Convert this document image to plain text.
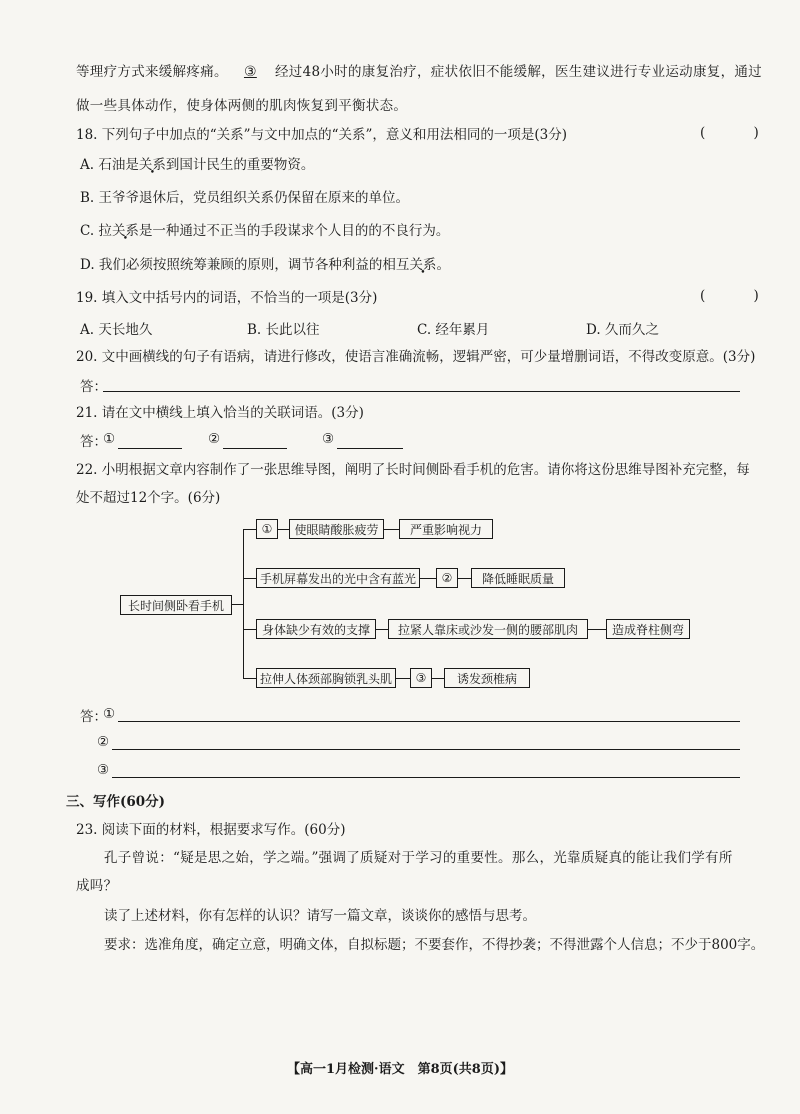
等理疗方式来缓解疼痛。 ③ 经过48小时的康复治疗，症状依旧不能缓解，医生建议进行专业运动康复，通过
做一些具体动作，使身体两侧的肌肉恢复到平衡状态。
18. 下列句子中加点的“关系”与文中加点的“关系”，意义和用法相同的一项是(3分)	( )
A. 石油是关系到国计民生的重要物资。
B. 王爷爷退休后，党员组织关系仍保留在原来的单位。
C. 拉关系是一种通过不正当的手段谋求个人目的的不良行为。
D. 我们必须按照统筹兼顾的原则，调节各种利益的相互关系。
19. 填入文中括号内的词语，不恰当的一项是(3分)	( )
A. 天长地久	B. 长此以往	C. 经年累月	D. 久而久之
20. 文中画横线的句子有语病，请进行修改，使语言准确流畅，逻辑严密，可少量增删词语，不得改变原意。(3分)
答：
21. 请在文中横线上填入恰当的关联词语。(3分)
答：
①	②	③
22. 小明根据文章内容制作了一张思维导图，阐明了长时间侧卧看手机的危害。请你将这份思维导图补充完整，每
处不超过12个字。(6分)
长时间侧卧看手机
①	使眼睛酸胀疲劳	严重影响视力
手机屏幕发出的光中含有蓝光	②	降低睡眠质量
身体缺少有效的支撑	拉紧人靠床或沙发一侧的腰部肌肉	造成脊柱侧弯
拉伸人体颈部胸锁乳头肌	③	诱发颈椎病
答：
①
②
③
三、写作(60分)
23. 阅读下面的材料，根据要求写作。(60分)
孔子曾说：“疑是思之始，学之端。”强调了质疑对于学习的重要性。那么，光靠质疑真的能让我们学有所
成吗？
读了上述材料，你有怎样的认识？请写一篇文章，谈谈你的感悟与思考。
要求：选准角度，确定立意，明确文体，自拟标题；不要套作，不得抄袭；不得泄露个人信息；不少于800字。
【高一1月检测·语文　第8页(共8页)】
